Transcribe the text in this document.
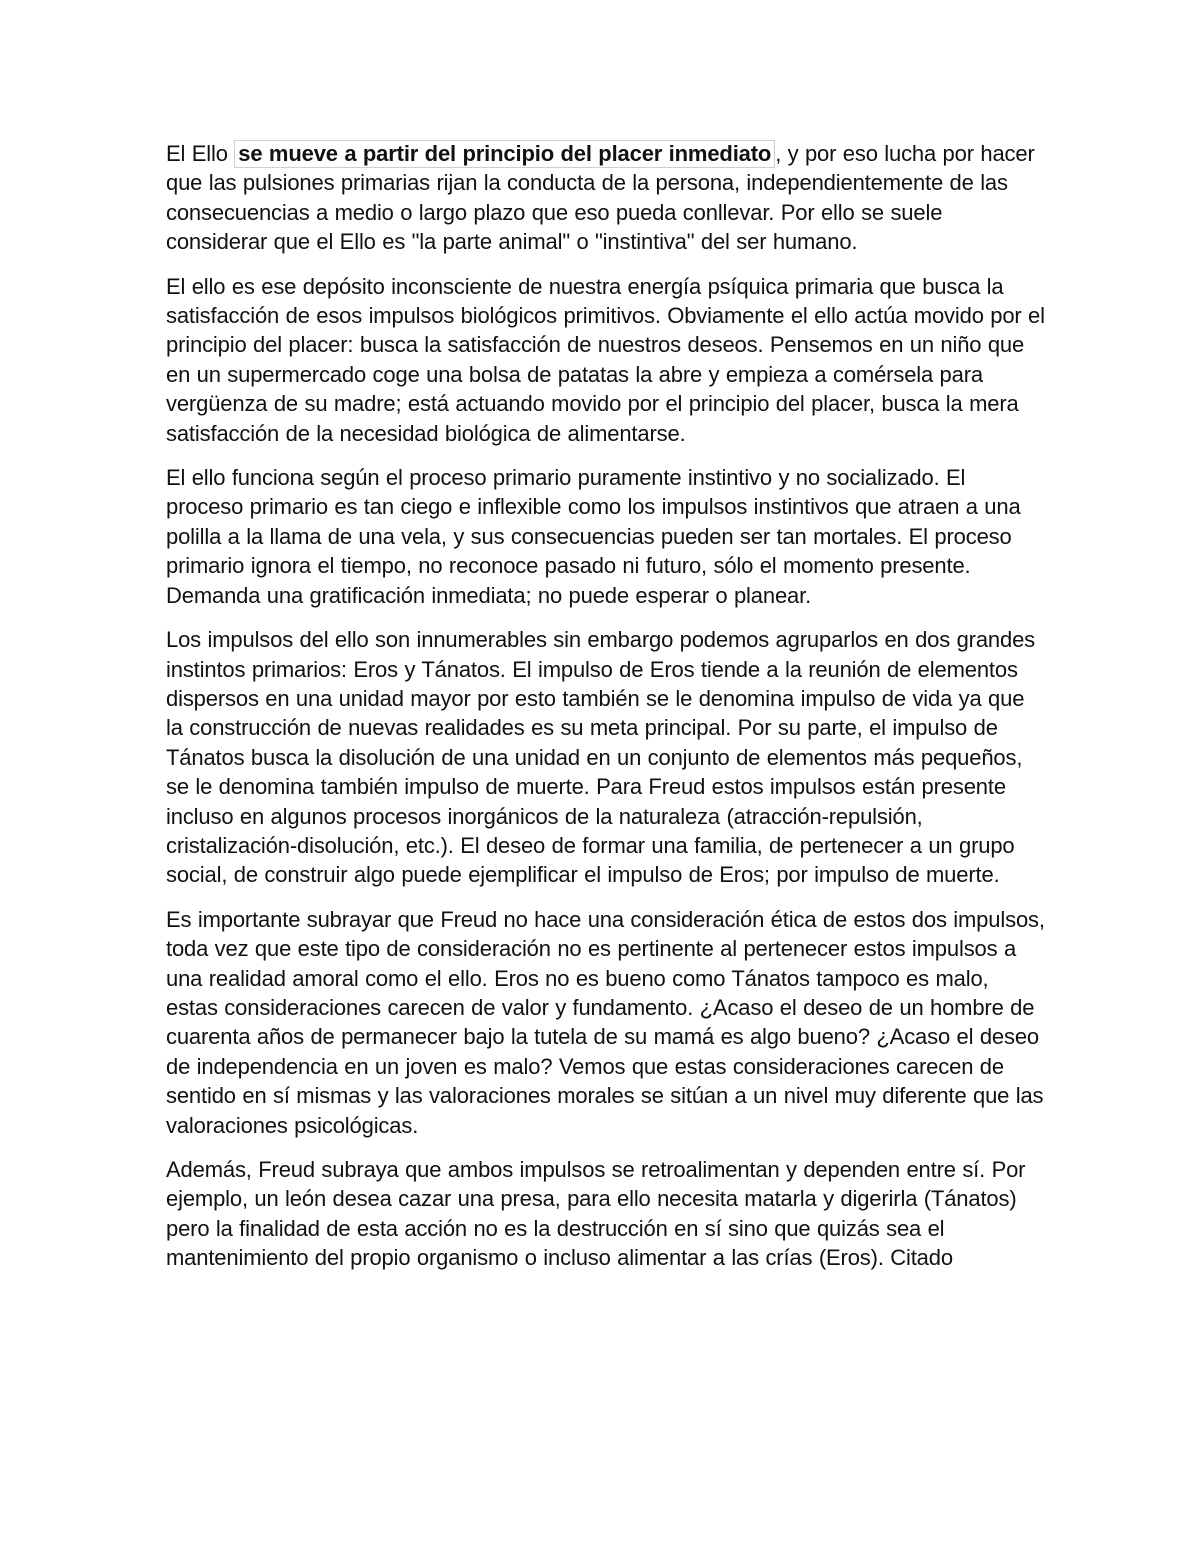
El Ello se mueve a partir del principio del placer inmediato , y por eso lucha por hacer que las pulsiones primarias rijan la conducta de la persona, independientemente de las consecuencias a medio o largo plazo que eso pueda conllevar. Por ello se suele considerar que el Ello es "la parte animal" o "instintiva" del ser humano.

El ello es ese depósito inconsciente de nuestra energía psíquica primaria que busca la satisfacción de esos impulsos biológicos primitivos. Obviamente el ello actúa movido por el principio del placer: busca la satisfacción de nuestros deseos. Pensemos en un niño que en un supermercado coge una bolsa de patatas la abre y empieza a comérsela para vergüenza de su madre; está actuando movido por el principio del placer, busca la mera satisfacción de la necesidad biológica de alimentarse.

El ello funciona según el proceso primario puramente instintivo y no socializado. El proceso primario es tan ciego e inflexible como los impulsos instintivos que atraen a una polilla a la llama de una vela, y sus consecuencias pueden ser tan mortales. El proceso primario ignora el tiempo, no reconoce pasado ni futuro, sólo el momento presente. Demanda una gratificación inmediata; no puede esperar o planear.

Los impulsos del ello son innumerables sin embargo podemos agruparlos en dos grandes instintos primarios: Eros y Tánatos. El impulso de Eros tiende a la reunión de elementos dispersos en una unidad mayor por esto también se le denomina impulso de vida ya que la construcción de nuevas realidades es su meta principal. Por su parte, el impulso de Tánatos busca la disolución de una unidad en un conjunto de elementos más pequeños, se le denomina también impulso de muerte. Para Freud estos impulsos están presente incluso en algunos procesos inorgánicos de la naturaleza (atracción-repulsión, cristalización-disolución, etc.). El deseo de formar una familia, de pertenecer a un grupo social, de construir algo puede ejemplificar el impulso de Eros; por impulso de muerte.

Es importante subrayar que Freud no hace una consideración ética de estos dos impulsos, toda vez que este tipo de consideración no es pertinente al pertenecer estos impulsos a una realidad amoral como el ello. Eros no es bueno como Tánatos tampoco es malo, estas consideraciones carecen de valor y fundamento. ¿Acaso el deseo de un hombre de cuarenta años de permanecer bajo la tutela de su mamá es algo bueno? ¿Acaso el deseo de independencia en un joven es malo? Vemos que estas consideraciones carecen de sentido en sí mismas y las valoraciones morales se sitúan a un nivel muy diferente que las valoraciones psicológicas.

Además, Freud subraya que ambos impulsos se retroalimentan y dependen entre sí. Por ejemplo, un león desea cazar una presa, para ello necesita matarla y digerirla (Tánatos) pero la finalidad de esta acción no es la destrucción en sí sino que quizás sea el mantenimiento del propio organismo o incluso alimentar a las crías (Eros). Citado
